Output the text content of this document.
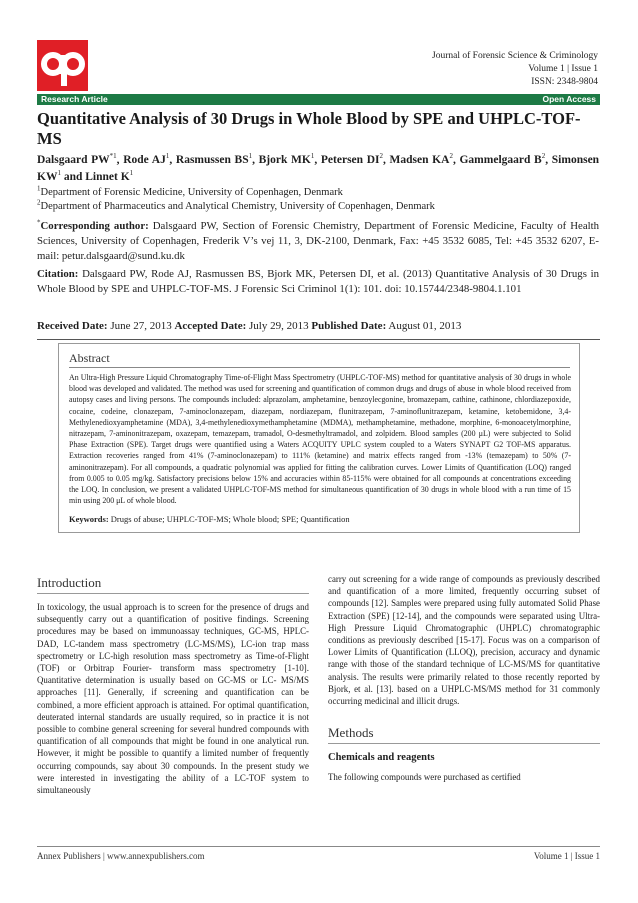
Journal of Forensic Science & Criminology
Volume 1 | Issue 1
ISSN: 2348-9804
Research Article	Open Access
Quantitative Analysis of 30 Drugs in Whole Blood by SPE and UHPLC-TOF-MS
Dalsgaard PW$^{*1}$, Rode $AJ^1$, Rasmussen $BS^1$, Bjork $MK^1$, Petersen $DI^2$, Madsen $KA^2$, Gammelgaard $B^2$, Simonsen $KW^1$ and Linnet $K^1$
$^1$Department of Forensic Medicine, University of Copenhagen, Denmark
$^2$Department of Pharmaceutics and Analytical Chemistry, University of Copenhagen, Denmark
*Corresponding author: Dalsgaard PW, Section of Forensic Chemistry, Department of Forensic Medicine, Faculty of Health Sciences, University of Copenhagen, Frederik V’s vej 11, 3, DK-2100, Denmark, Fax: +45 3532 6085, Tel: +45 3532 6207, E-mail: petur.dalsgaard@sund.ku.dk
Citation: Dalsgaard PW, Rode AJ, Rasmussen BS, Bjork MK, Petersen DI, et al. (2013) Quantitative Analysis of 30 Drugs in Whole Blood by SPE and UHPLC-TOF-MS. J Forensic Sci Criminol 1(1): 101. doi: 10.15744/2348-9804.1.101
Received Date: June 27, 2013 Accepted Date: July 29, 2013 Published Date: August 01, 2013
Abstract

An Ultra-High Pressure Liquid Chromatography Time-of-Flight Mass Spectrometry (UHPLC-TOF-MS) method for quantitative analysis of 30 drugs in whole blood was developed and validated. The method was used for screening and quantification of common drugs and drugs of abuse in whole blood received from autopsy cases and living persons. The compounds included: alprazolam, amphetamine, benzoylecgonine, bromazepam, cathine, cathinone, chlordiazepoxide, cocaine, codeine, clonazepam, 7-aminoclonazepam, diazepam, nordiazepam, flunitrazepam, 7-aminoflunitrazepam, ketamine, ketobemidone, 3,4-Methylenedioxyamphetamine (MDA), 3,4-methylenedioxymethamphetamine (MDMA), methamphetamine, methadone, morphine, 6-monoacetylmorphine, nitrazepam, 7-aminonitrazepam, oxazepam, temazepam, tramadol, O-desmethyltramadol, and zolpidem. Blood samples (200 μL) were subjected to Solid Phase Extraction (SPE). Target drugs were quantified using a Waters ACQUITY UPLC system coupled to a Waters SYNAPT G2 TOF-MS apparatus. Extraction recoveries ranged from 41% (7-aminoclonazepam) to 111% (ketamine) and matrix effects ranged from -13% (temazepam) to 50% (7-aminonitrazepam). For all compounds, a quadratic polynomial was applied for fitting the calibration curves. Lower Limits of Quantification (LOQ) ranged from 0.005 to 0.05 mg/kg. Satisfactory precisions below 15% and accuracies within 85-115% were obtained for all compounds at concentrations exceeding the LOQ. In conclusion, we present a validated UHPLC-TOF-MS method for simultaneous quantification of 30 drugs in whole blood with a run time of 15 min using 200 μL of whole blood.

Keywords: Drugs of abuse; UHPLC-TOF-MS; Whole blood; SPE; Quantification
Introduction

In toxicology, the usual approach is to screen for the presence of drugs and subsequently carry out a quantification of positive findings. Screening procedures may be based on immunoassay techniques, GC-MS, HPLC-DAD, LC-tandem mass spectrometry (LC-MS/MS), LC-ion trap mass spectrometry or LC-high resolution mass spectrometry as Time-of-Flight (TOF) or Orbitrap Fourier- transform mass spectrometry [1-10]. Quantitative determination is usually based on GC-MS or LC- MS/MS approaches [11]. Generally, if screening and quantification can be combined, a more efficient approach is attained. For optimal quantification, deuterated internal standards are usually required, so in practice it is not possible to combine general screening for several hundred compounds with quantification of all compounds that might be found in one analytical run. However, it might be possible to quantify a limited number of frequently occurring compounds, say about 30 compounds. In the present study we were interested in investigating the ability of a LC-TOF system to simultaneously

carry out screening for a wide range of compounds as previously described and quantification of a more limited, frequently occurring subset of compounds [12]. Samples were prepared using fully automated Solid Phase Extraction (SPE) [12-14], and the compounds were separated using Ultra-High Pressure Liquid Chromatographic (UHPLC) chromatographic conditions as previously described [15-17]. Focus was on a comparison of Lower Limits of Quantification (LLOQ), precision, accuracy and dynamic range with those of the standard technique of LC-MS/MS for quantitative analysis. The results were primarily related to those recently reported by Bjork, et al. [13]. based on a UHPLC-MS/MS method for 31 commonly occurring medicinal and illicit drugs.

Methods
Chemicals and reagents

The following compounds were purchased as certified

Annex Publishers | www.annexpublishers.com	Volume 1 | Issue 1
